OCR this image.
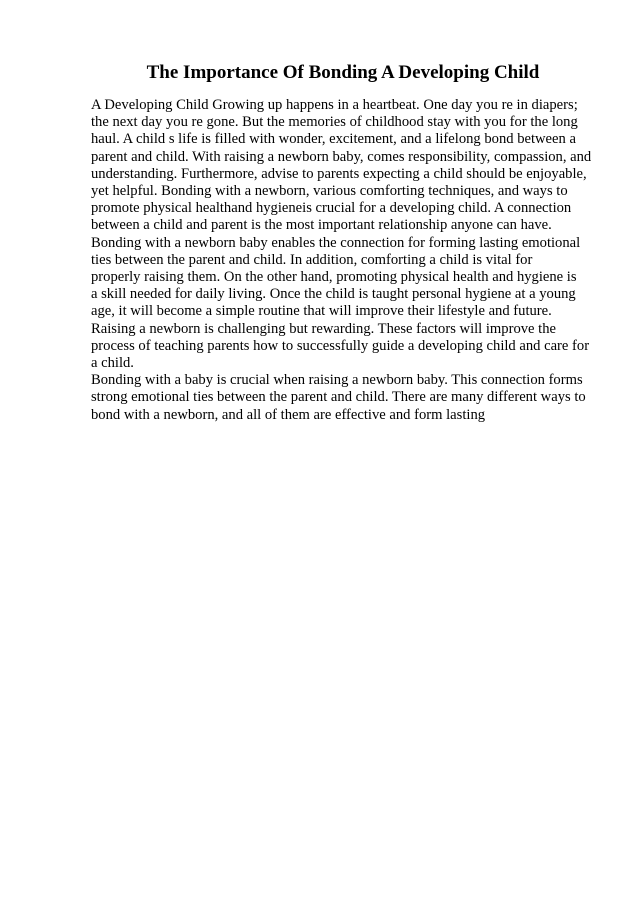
The Importance Of Bonding A Developing Child
A Developing Child Growing up happens in a heartbeat. One day you re in diapers;
the next day you re gone. But the memories of childhood stay with you for the long
haul. A child s life is filled with wonder, excitement, and a lifelong bond between a
parent and child. With raising a newborn baby, comes responsibility, compassion, and
understanding. Furthermore, advise to parents expecting a child should be enjoyable,
yet helpful. Bonding with a newborn, various comforting techniques, and ways to
promote physical healthand hygieneis crucial for a developing child. A connection
between a child and parent is the most important relationship anyone can have.
Bonding with a newborn baby enables the connection for forming lasting emotional
ties between the parent and child. In addition, comforting a child is vital for
properly raising them. On the other hand, promoting physical health and hygiene is
a skill needed for daily living. Once the child is taught personal hygiene at a young
age, it will become a simple routine that will improve their lifestyle and future.
Raising a newborn is challenging but rewarding. These factors will improve the
process of teaching parents how to successfully guide a developing child and care for
a child.
Bonding with a baby is crucial when raising a newborn baby. This connection forms
strong emotional ties between the parent and child. There are many different ways to
bond with a newborn, and all of them are effective and form lasting
